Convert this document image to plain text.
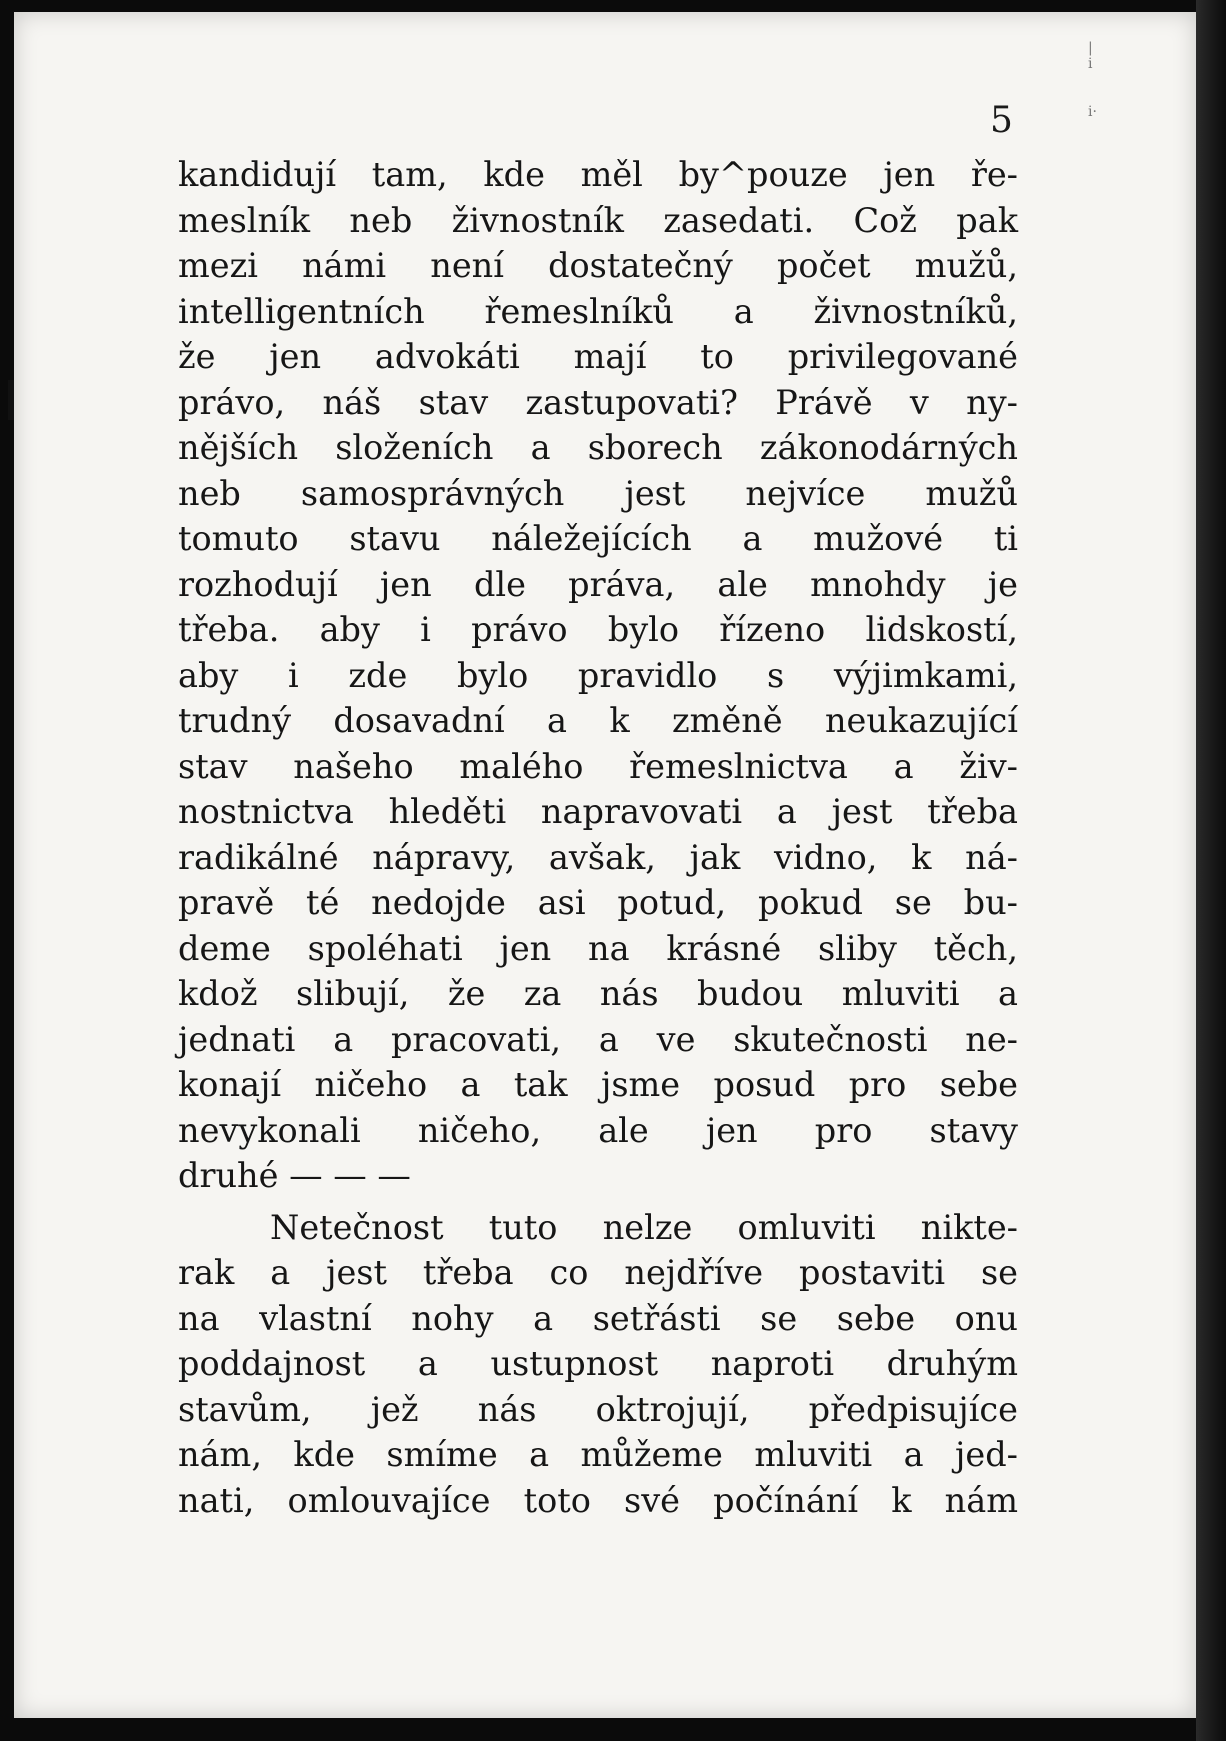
|
i

i·

5

kandidují tam, kde měl by^pouze jen ře-
meslník neb živnostník zasedati. Což pak
mezi námi není dostatečný počet mužů,
intelligentních řemeslníků a živnostníků,
že jen advokáti mají to privilegované
právo, náš stav zastupovati? Právě v ny-
nějších složeních a sborech zákonodárných
neb samosprávných jest nejvíce mužů
tomuto stavu náležejících a mužové ti
rozhodují jen dle práva, ale mnohdy je
třeba. aby i právo bylo řízeno lidskostí,
aby i zde bylo pravidlo s výjimkami,
trudný dosavadní a k změně neukazující
stav našeho malého řemeslnictva a živ-
nostnictva hleděti napravovati a jest třeba
radikálné nápravy, avšak, jak vidno, k ná-
pravě té nedojde asi potud, pokud se bu-
deme spoléhati jen na krásné sliby těch,
kdož slibují, že za nás budou mluviti a
jednati a pracovati, a ve skutečnosti ne-
konají ničeho a tak jsme posud pro sebe
nevykonali ničeho, ale jen pro stavy
druhé — — —
Netečnost tuto nelze omluviti nikte-
rak a jest třeba co nejdříve postaviti se
na vlastní nohy a setřásti se sebe onu
poddajnost a ustupnost naproti druhým
stavům, jež nás oktrojují, předpisujíce
nám, kde smíme a můžeme mluviti a jed-
nati, omlouvajíce toto své počínání k nám
